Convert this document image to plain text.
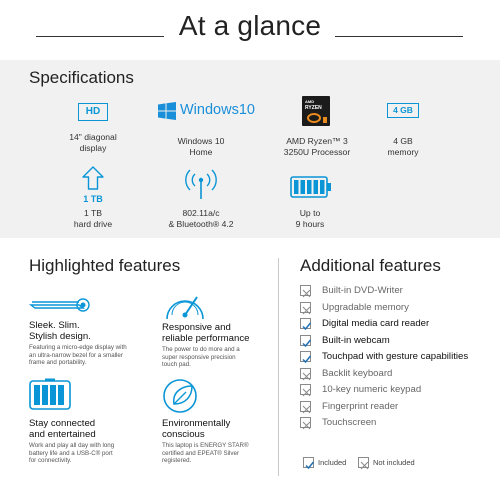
At a glance
Specifications
HD
14" diagonal
display
Windows10
Windows 10
Home
AMD
RYZEN
AMD Ryzen™ 3
3250U Processor
4 GB
4 GB
memory
1 TB
1 TB
hard drive
802.11a/c
& Bluetooth® 4.2
Up to
9 hours
Highlighted features
Sleek. Slim.
Stylish design.
Featuring a micro-edge display with
an ultra-narrow bezel for a smaller
frame and portability.
Responsive and
reliable performance
The power to do more and a
super responsive precision
touch pad.
Stay connected
and entertained
Work and play all day with long
battery life and a USB-C® port
for connectivity.
Environmentally
conscious
This laptop is ENERGY STAR®
certified and EPEAT® Silver
registered.
Additional features
Built-in DVD-Writer
Upgradable memory
Digital media card reader
Built-in webcam
Touchpad with gesture capabilities
Backlit keyboard
10-key numeric keypad
Fingerprint reader
Touchscreen
Included	Not included
